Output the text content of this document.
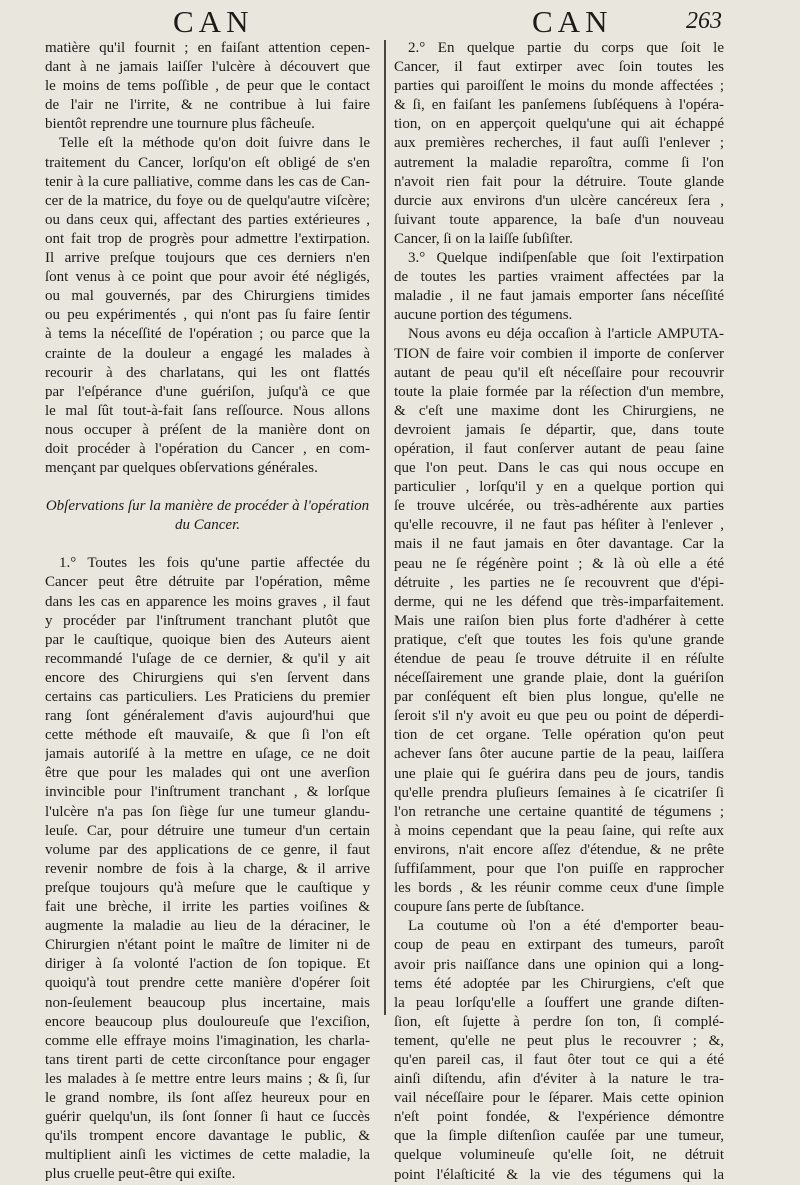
CAN	CAN	263
matière qu'il fournit ; en faiſant attention cepen-
dant à ne jamais laiſſer l'ulcère à découvert que
le moins de tems poſſible , de peur que le contact
de l'air ne l'irrite, & ne contribue à lui faire
bientôt reprendre une tournure plus fâcheuſe.
Telle eſt la méthode qu'on doit ſuivre dans le
traitement du Cancer, lorſqu'on eſt obligé de s'en
tenir à la cure palliative, comme dans les cas de Can-
cer de la matrice, du foye ou de quelqu'autre viſcère;
ou dans ceux qui, affectant des parties extérieures ,
ont fait trop de progrès pour admettre l'extirpation.
Il arrive preſque toujours que ces derniers n'en
ſont venus à ce point que pour avoir été négligés,
ou mal gouvernés, par des Chirurgiens timides
ou peu expérimentés , qui n'ont pas ſu faire ſentir
à tems la néceſſité de l'opération ; ou parce que la
crainte de la douleur a engagé les malades à
recourir à des charlatans, qui les ont flattés
par l'eſpérance d'une guériſon, juſqu'à ce que
le mal ſût tout-à-fait ſans reſſource. Nous allons
nous occuper à préſent de la manière dont on
doit procéder à l'opération du Cancer , en com-
mençant par quelques obſervations générales.
Obſervations ſur la manière de procéder à l'opération
du Cancer.
1.° Toutes les fois qu'une partie affectée du
Cancer peut être détruite par l'opération, même
dans les cas en apparence les moins graves , il faut
y procéder par l'inſtrument tranchant plutôt que
par le cauſtique, quoique bien des Auteurs aient
recommandé l'uſage de ce dernier, & qu'il y ait
encore des Chirurgiens qui s'en ſervent dans
certains cas particuliers. Les Praticiens du premier
rang ſont généralement d'avis aujourd'hui que
cette méthode eſt mauvaiſe, & que ſi l'on eſt
jamais autoriſé à la mettre en uſage, ce ne doit
être que pour les malades qui ont une averſion
invincible pour l'inſtrument tranchant , & lorſque
l'ulcère n'a pas ſon ſiège ſur une tumeur glandu-
leuſe. Car, pour détruire une tumeur d'un certain
volume par des applications de ce genre, il faut
revenir nombre de fois à la charge, & il arrive
preſque toujours qu'à meſure que le cauſtique y
fait une brèche, il irrite les parties voiſines &
augmente la maladie au lieu de la déraciner, le
Chirurgien n'étant point le maître de limiter ni de
diriger à ſa volonté l'action de ſon topique. Et
quoiqu'à tout prendre cette manière d'opérer ſoit
non-ſeulement beaucoup plus incertaine, mais
encore beaucoup plus douloureuſe que l'exciſion,
comme elle effraye moins l'imagination, les charla-
tans tirent parti de cette circonſtance pour engager
les malades à ſe mettre entre leurs mains ; & ſi, ſur
le grand nombre, ils ſont aſſez heureux pour en
guérir quelqu'un, ils ſont ſonner ſi haut ce ſuccès
qu'ils trompent encore davantage le public, &
multiplient ainſi les victimes de cette maladie, la
plus cruelle peut-être qui exiſte.
2.° En quelque partie du corps que ſoit le
Cancer, il faut extirper avec ſoin toutes les
parties qui paroiſſent le moins du monde affectées ;
& ſi, en faiſant les panſemens ſubſéquens à l'opéra-
tion, on en apperçoit quelqu'une qui ait échappé
aux premières recherches, il faut auſſi l'enlever ;
autrement la maladie reparoîtra, comme ſi l'on
n'avoit rien fait pour la détruire. Toute glande
durcie aux environs d'un ulcère cancéreux ſera ,
ſuivant toute apparence, la baſe d'un nouveau
Cancer, ſi on la laiſſe ſubſiſter.
3.° Quelque indiſpenſable que ſoit l'extirpation
de toutes les parties vraiment affectées par la
maladie , il ne faut jamais emporter ſans néceſſité
aucune portion des tégumens.
Nous avons eu déja occaſion à l'article AMPUTA-
TION de faire voir combien il importe de conſerver
autant de peau qu'il eſt néceſſaire pour recouvrir
toute la plaie formée par la réſection d'un membre,
& c'eſt une maxime dont les Chirurgiens, ne
devroient jamais ſe départir, que, dans toute
opération, il faut conſerver autant de peau ſaine
que l'on peut. Dans le cas qui nous occupe en
particulier , lorſqu'il y en a quelque portion qui
ſe trouve ulcérée, ou très-adhérente aux parties
qu'elle recouvre, il ne faut pas héſiter à l'enlever ,
mais il ne faut jamais en ôter davantage. Car la
peau ne ſe régénère point ; & là où elle a été
détruite , les parties ne ſe recouvrent que d'épi-
derme, qui ne les défend que très-imparfaitement.
Mais une raiſon bien plus forte d'adhérer à cette
pratique, c'eſt que toutes les fois qu'une grande
étendue de peau ſe trouve détruite il en réſulte
néceſſairement une grande plaie, dont la guériſon
par conſéquent eſt bien plus longue, qu'elle ne
ſeroit s'il n'y avoit eu que peu ou point de déperdi-
tion de cet organe. Telle opération qu'on peut
achever ſans ôter aucune partie de la peau, laiſſera
une plaie qui ſe guérira dans peu de jours, tandis
qu'elle prendra pluſieurs ſemaines à ſe cicatriſer ſi
l'on retranche une certaine quantité de tégumens ;
à moins cependant que la peau ſaine, qui reſte aux
environs, n'ait encore aſſez d'étendue, & ne prête
ſuffiſamment, pour que l'on puiſſe en rapprocher
les bords , & les réunir comme ceux d'une ſimple
coupure ſans perte de ſubſtance.
La coutume où l'on a été d'emporter beau-
coup de peau en extirpant des tumeurs, paroît
avoir pris naiſſance dans une opinion qui a long-
tems été adoptée par les Chirurgiens, c'eſt que
la peau lorſqu'elle a ſouffert une grande diſten-
ſion, eſt ſujette à perdre ſon ton, ſi complé-
tement, qu'elle ne peut plus le recouvrer ; &,
qu'en pareil cas, il faut ôter tout ce qui a été
ainſi diſtendu, afin d'éviter à la nature le tra-
vail néceſſaire pour le ſéparer. Mais cette opinion
n'eſt point fondée, & l'expérience démontre
que la ſimple diſtenſion cauſée par une tumeur,
quelque volumineuſe qu'elle ſoit, ne détruit
point l'élaſticité & la vie des tégumens qui la
